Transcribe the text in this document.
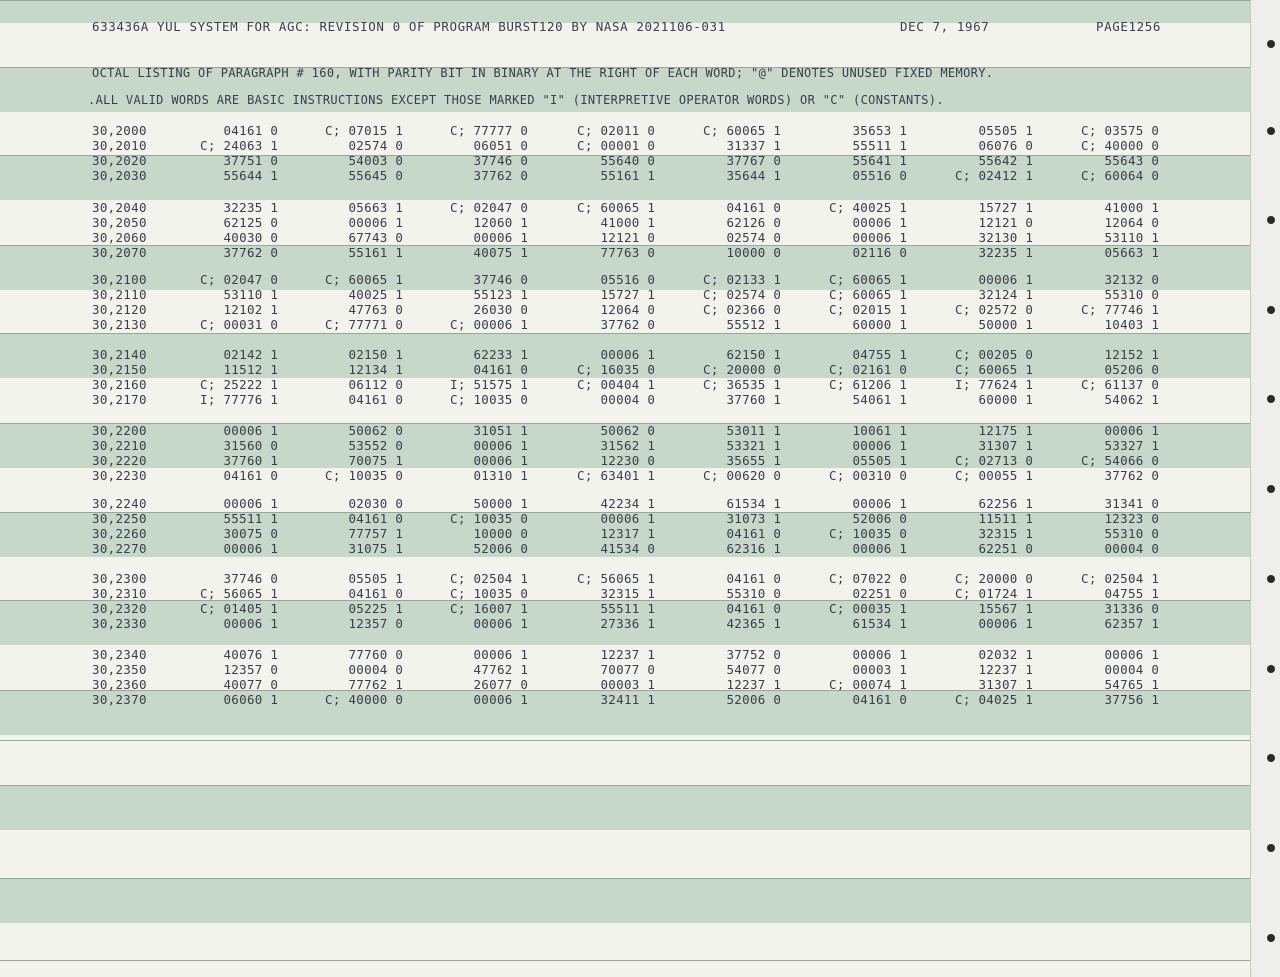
633436A YUL SYSTEM FOR AGC: REVISION 0 OF PROGRAM BURST120 BY NASA 2021106-031	DEC 7, 1967	PAGE1256
OCTAL LISTING OF PARAGRAPH # 160, WITH PARITY BIT IN BINARY AT THE RIGHT OF EACH WORD; "@" DENOTES UNUSED FIXED MEMORY.
.ALL VALID WORDS ARE BASIC INSTRUCTIONS EXCEPT THOSE MARKED "I" (INTERPRETIVE OPERATOR WORDS) OR "C" (CONSTANTS).
30,2000	04161 0	C; 07015 1	C; 77777 0	C; 02011 0	C; 60065 1	35653 1	05505 1	C; 03575 0
30,2010	C; 24063 1	02574 0	06051 0	C; 00001 0	31337 1	55511 1	06076 0	C; 40000 0
30,2020	37751 0	54003 0	37746 0	55640 0	37767 0	55641 1	55642 1	55643 0
30,2030	55644 1	55645 0	37762 0	55161 1	35644 1	05516 0	C; 02412 1	C; 60064 0
30,2040	32235 1	05663 1	C; 02047 0	C; 60065 1	04161 0	C; 40025 1	15727 1	41000 1
30,2050	62125 0	00006 1	12060 1	41000 1	62126 0	00006 1	12121 0	12064 0
30,2060	40030 0	67743 0	00006 1	12121 0	02574 0	00006 1	32130 1	53110 1
30,2070	37762 0	55161 1	40075 1	77763 0	10000 0	02116 0	32235 1	05663 1
30,2100	C; 02047 0	C; 60065 1	37746 0	05516 0	C; 02133 1	C; 60065 1	00006 1	32132 0
30,2110	53110 1	40025 1	55123 1	15727 1	C; 02574 0	C; 60065 1	32124 1	55310 0
30,2120	12102 1	47763 0	26030 0	12064 0	C; 02366 0	C; 02015 1	C; 02572 0	C; 77746 1
30,2130	C; 00031 0	C; 77771 0	C; 00006 1	37762 0	55512 1	60000 1	50000 1	10403 1
30,2140	02142 1	02150 1	62233 1	00006 1	62150 1	04755 1	C; 00205 0	12152 1
30,2150	11512 1	12134 1	04161 0	C; 16035 0	C; 20000 0	C; 02161 0	C; 60065 1	05206 0
30,2160	C; 25222 1	06112 0	I; 51575 1	C; 00404 1	C; 36535 1	C; 61206 1	I; 77624 1	C; 61137 0
30,2170	I; 77776 1	04161 0	C; 10035 0	00004 0	37760 1	54061 1	60000 1	54062 1
30,2200	00006 1	50062 0	31051 1	50062 0	53011 1	10061 1	12175 1	00006 1
30,2210	31560 0	53552 0	00006 1	31562 1	53321 1	00006 1	31307 1	53327 1
30,2220	37760 1	70075 1	00006 1	12230 0	35655 1	05505 1	C; 02713 0	C; 54066 0
30,2230	04161 0	C; 10035 0	01310 1	C; 63401 1	C; 00620 0	C; 00310 0	C; 00055 1	37762 0
30,2240	00006 1	02030 0	50000 1	42234 1	61534 1	00006 1	62256 1	31341 0
30,2250	55511 1	04161 0	C; 10035 0	00006 1	31073 1	52006 0	11511 1	12323 0
30,2260	30075 0	77757 1	10000 0	12317 1	04161 0	C; 10035 0	32315 1	55310 0
30,2270	00006 1	31075 1	52006 0	41534 0	62316 1	00006 1	62251 0	00004 0
30,2300	37746 0	05505 1	C; 02504 1	C; 56065 1	04161 0	C; 07022 0	C; 20000 0	C; 02504 1
30,2310	C; 56065 1	04161 0	C; 10035 0	32315 1	55310 0	02251 0	C; 01724 1	04755 1
30,2320	C; 01405 1	05225 1	C; 16007 1	55511 1	04161 0	C; 00035 1	15567 1	31336 0
30,2330	00006 1	12357 0	00006 1	27336 1	42365 1	61534 1	00006 1	62357 1
30,2340	40076 1	77760 0	00006 1	12237 1	37752 0	00006 1	02032 1	00006 1
30,2350	12357 0	00004 0	47762 1	70077 0	54077 0	00003 1	12237 1	00004 0
30,2360	40077 0	77762 1	26077 0	00003 1	12237 1	C; 00074 1	31307 1	54765 1
30,2370	06060 1	C; 40000 0	00006 1	32411 1	52006 0	04161 0	C; 04025 1	37756 1
